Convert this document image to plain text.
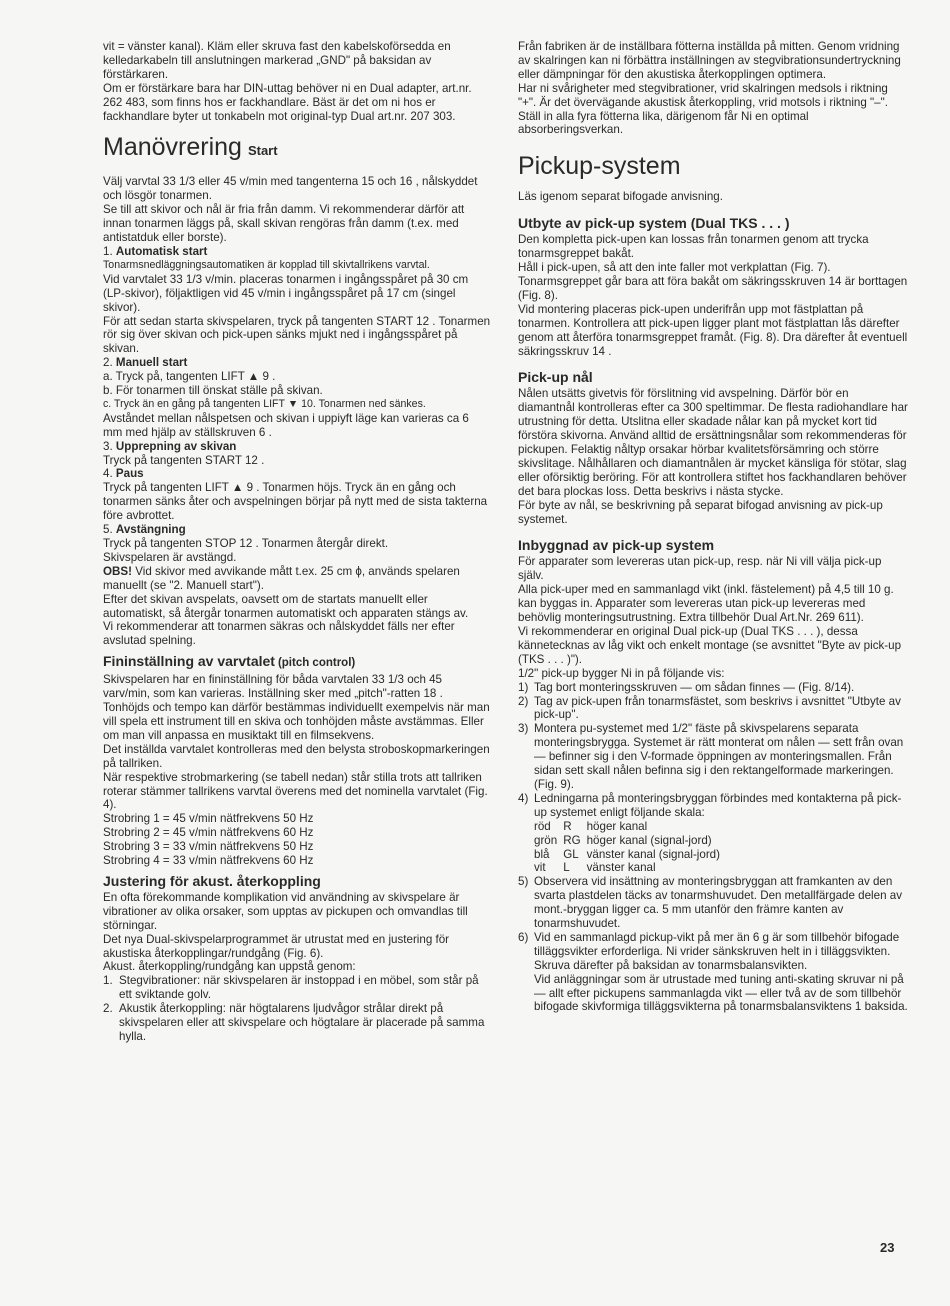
vit = vänster kanal). Kläm eller skruva fast den kabelskoförsedda en kelledarkabeln till anslutningen markerad „GND" på baksidan av förstärkaren.

Om er förstärkare bara har DIN-uttag behöver ni en Dual adapter, art.nr. 262 483, som finns hos er fackhandlare. Bäst är det om ni hos er fackhandlare byter ut tonkabeln mot original-typ Dual art.nr. 207 303.

Manövrering Start

Välj varvtal 33 1/3 eller 45 v/min med tangenterna 15 och 16 , nålskyddet och lösgör tonarmen.

Se till att skivor och nål är fria från damm. Vi rekommenderar därför att innan tonarmen läggs på, skall skivan rengöras från damm (t.ex. med antistatduk eller borste).

1. Automatisk start

Tonarmsnedläggningsautomatiken är kopplad till skivtallrikens varvtal.

Vid varvtalet 33 1/3 v/min. placeras tonarmen i ingångsspåret på 30 cm (LP-skivor), följaktligen vid 45 v/min i ingångsspåret på 17 cm (singel skivor).

För att sedan starta skivspelaren, tryck på tangenten START 12 . Tonarmen rör sig över skivan och pick-upen sänks mjukt ned i ingångsspåret på skivan.

2. Manuell start

a. Tryck på, tangenten LIFT ▲ 9 .

b. För tonarmen till önskat ställe på skivan.

c. Tryck än en gång på tangenten LIFT ▼ 10. Tonarmen ned sänkes.

Avståndet mellan nålspetsen och skivan i uppiyft läge kan varieras ca 6 mm med hjälp av ställskruven 6 .

3. Upprepning av skivan

Tryck på tangenten START 12 .

4. Paus

Tryck på tangenten LIFT ▲ 9 . Tonarmen höjs. Tryck än en gång och tonarmen sänks åter och avspelningen börjar på nytt med de sista takterna före avbrottet.

5. Avstängning

Tryck på tangenten STOP 12 . Tonarmen återgår direkt.

Skivspelaren är avstängd.

OBS! Vid skivor med avvikande mått t.ex. 25 cm ϕ, används spelaren manuellt (se "2. Manuell start").

Efter det skivan avspelats, oavsett om de startats manuellt eller automatiskt, så återgår tonarmen automatiskt och apparaten stängs av.

Vi rekommenderar att tonarmen säkras och nålskyddet fälls ner efter avslutad spelning.

Fininställning av varvtalet (pitch control)

Skivspelaren har en fininställning för båda varvtalen 33 1/3 och 45 varv/min, som kan varieras. Inställning sker med „pitch"-ratten 18 .

Tonhöjds och tempo kan därför bestämmas individuellt exempelvis när man vill spela ett instrument till en skiva och tonhöjden måste avstämmas. Eller om man vill anpassa en musiktakt till en filmsekvens.

Det inställda varvtalet kontrolleras med den belysta stroboskopmarkeringen på tallriken.

När respektive strobmarkering (se tabell nedan) står stilla trots att tallriken roterar stämmer tallrikens varvtal överens med det nominella varvtalet (Fig. 4).

Strobring 1 = 45 v/min nätfrekvens 50 Hz

Strobring 2 = 45 v/min nätfrekvens 60 Hz

Strobring 3 = 33 v/min nätfrekvens 50 Hz

Strobring 4 = 33 v/min nätfrekvens 60 Hz

Justering för akust. återkoppling

En ofta förekommande komplikation vid användning av skivspelare är vibrationer av olika orsaker, som upptas av pickupen och omvandlas till störningar.

Det nya Dual-skivspelarprogrammet är utrustat med en justering för akustiska återkopplingar/rundgång (Fig. 6).

Akust. återkoppling/rundgång kan uppstå genom:

1. Stegvibrationer: när skivspelaren är instoppad i en möbel, som står på ett sviktande golv.
2. Akustik återkoppling: när högtalarens ljudvågor strålar direkt på skivspelaren eller att skivspelare och högtalare är placerade på samma hylla.

Från fabriken är de inställbara fötterna inställda på mitten. Genom vridning av skalringen kan ni förbättra inställningen av stegvibrationsundertryckning eller dämpningar för den akustiska återkopplingen optimera.

Har ni svårigheter med stegvibrationer, vrid skalringen medsols i riktning "+". Är det övervägande akustisk återkoppling, vrid motsols i riktning "–". Ställ in alla fyra fötterna lika, därigenom får Ni en optimal absorberingsverkan.

Pickup-system

Läs igenom separat bifogade anvisning.

Utbyte av pick-up system (Dual TKS . . . )

Den kompletta pick-upen kan lossas från tonarmen genom att trycka tonarmsgreppet bakåt.

Håll i pick-upen, så att den inte faller mot verkplattan (Fig. 7). Tonarmsgreppet går bara att föra bakåt om säkringsskruven 14 är borttagen (Fig. 8).

Vid montering placeras pick-upen underifrån upp mot fästplattan på tonarmen. Kontrollera att pick-upen ligger plant mot fästplattan lås därefter genom att återföra tonarmsgreppet framåt. (Fig. 8). Dra därefter åt eventuell säkringsskruv 14 .

Pick-up nål

Nålen utsätts givetvis för förslitning vid avspelning. Därför bör en diamantnål kontrolleras efter ca 300 speltimmar. De flesta radiohandlare har utrustning för detta. Utslitna eller skadade nålar kan på mycket kort tid förstöra skivorna. Använd alltid de ersättningsnålar som rekommenderas för pickupen. Felaktig nåltyp orsakar hörbar kvalitetsförsämring och större skivslitage. Nålhållaren och diamantnålen är mycket känsliga för stötar, slag eller oförsiktig beröring. För att kontrollera stiftet hos fackhandlaren behöver det bara plockas loss. Detta beskrivs i nästa stycke.

För byte av nål, se beskrivning på separat bifogad anvisning av pick-up systemet.

Inbyggnad av pick-up system

För apparater som levereras utan pick-up, resp. när Ni vill välja pick-up själv.

Alla pick-uper med en sammanlagd vikt (inkl. fästelement) på 4,5 till 10 g. kan byggas in. Apparater som levereras utan pick-up levereras med behövlig monteringsutrustning. Extra tillbehör Dual Art.Nr. 269 611).

Vi rekommenderar en original Dual pick-up (Dual TKS . . . ), dessa kännetecknas av låg vikt och enkelt montage (se avsnittet "Byte av pick-up (TKS . . . )").

1/2" pick-up bygger Ni in på följande vis:

1) Tag bort monteringsskruven — om sådan finnes — (Fig. 8/14).
2) Tag av pick-upen från tonarmsfästet, som beskrivs i avsnittet "Utbyte av pick-up".
3) Montera pu-systemet med 1/2" fäste på skivspelarens separata monteringsbrygga. Systemet är rätt monterat om nålen — sett från ovan — befinner sig i den V-formade öppningen av monteringsmallen. Från sidan sett skall nålen befinna sig i den rektangelformade markeringen. (Fig. 9).
4) Ledningarna på monteringsbryggan förbindes med kontakterna på pick-up systemet enligt följande skala:
röd	R	höger kanal
grön	RG	höger kanal (signal-jord)
blå	GL	vänster kanal (signal-jord)
vit	L	vänster kanal
5) Observera vid insättning av monteringsbryggan att framkanten av den svarta plastdelen täcks av tonarmshuvudet. Den metallfärgade delen av mont.-bryggan ligger ca. 5 mm utanför den främre kanten av tonarmshuvudet.
6) Vid en sammanlagd pickup-vikt på mer än 6 g är som tillbehör bifogade tilläggsvikter erforderliga. Ni vrider sänkskruven helt in i tilläggsvikten. Skruva därefter på baksidan av tonarmsbalansvikten.

Vid anläggningar som är utrustade med tuning anti-skating skruvar ni på — allt efter pickupens sammanlagda vikt — eller två av de som tillbehör bifogade skivformiga tilläggsvikterna på tonarmsbalansviktens 1 baksida.

23
